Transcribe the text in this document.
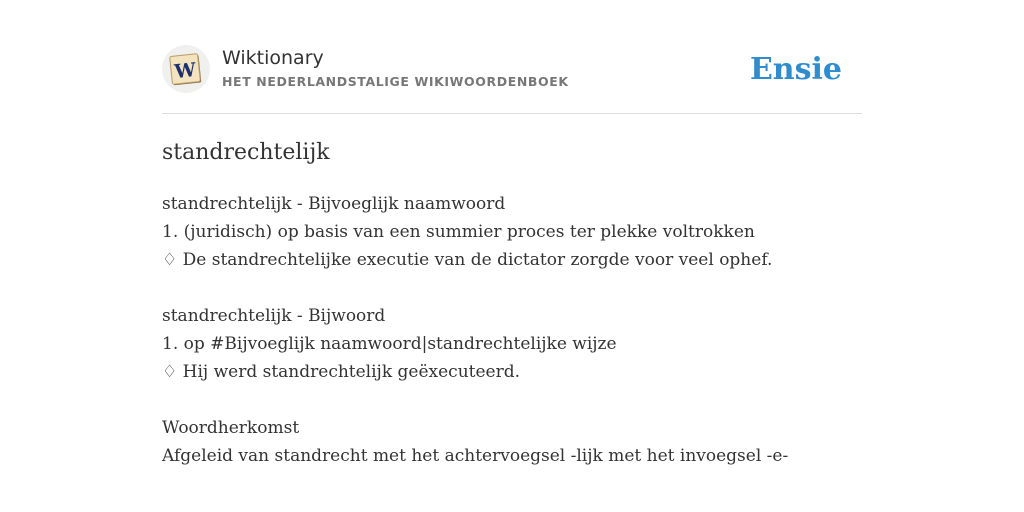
W
Wiktionary
HET NEDERLANDSTALIGE WIKIWOORDENBOEK	Ensie
standrechtelijk
standrechtelijk - Bijvoeglijk naamwoord
1. (juridisch) op basis van een summier proces ter plekke voltrokken
♢ De standrechtelijke executie van de dictator zorgde voor veel ophef.
standrechtelijk - Bijwoord
1. op #Bijvoeglijk naamwoord|standrechtelijke wijze
♢ Hij werd standrechtelijk geëxecuteerd.
Woordherkomst
Afgeleid van standrecht met het achtervoegsel -lijk met het invoegsel -e-
